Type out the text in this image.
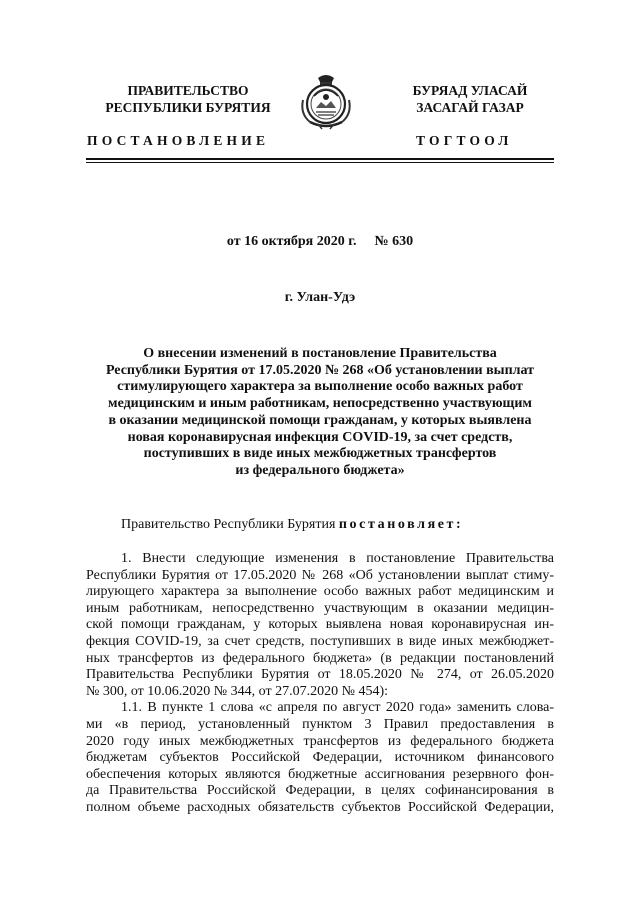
ПРАВИТЕЛЬСТВО
РЕСПУБЛИКИ БУРЯТИЯ
БУРЯАД УЛАСАЙ
ЗАСАГАЙ ГАЗАР
ПОСТАНОВЛЕНИЕ	ТОГТООЛ
от 16 октября 2020 г. № 630
г. Улан-Удэ
О внесении изменений в постановление Правительства
Республики Бурятия от 17.05.2020 № 268 «Об установлении выплат
стимулирующего характера за выполнение особо важных работ
медицинским и иным работникам, непосредственно участвующим
в оказании медицинской помощи гражданам, у которых выявлена
новая коронавирусная инфекция COVID-19, за счет средств,
поступивших в виде иных межбюджетных трансфертов
из федерального бюджета»
Правительство Республики Бурятия постановляет:

1. Внести следующие изменения в постановление Правительства
Республики Бурятия от 17.05.2020 № 268 «Об установлении выплат стиму-
лирующего характера за выполнение особо важных работ медицинским и
иным работникам, непосредственно участвующим в оказании медицин-
ской помощи гражданам, у которых выявлена новая коронавирусная ин-
фекция COVID-19, за счет средств, поступивших в виде иных межбюджет-
ных трансфертов из федерального бюджета» (в редакции постановлений
Правительства Республики Бурятия от 18.05.2020 № 274, от 26.05.2020
№ 300, от 10.06.2020 № 344, от 27.07.2020 № 454):

1.1. В пункте 1 слова «с апреля по август 2020 года» заменить слова-
ми «в период, установленный пунктом 3 Правил предоставления в
2020 году иных межбюджетных трансфертов из федерального бюджета
бюджетам субъектов Российской Федерации, источником финансового
обеспечения которых являются бюджетные ассигнования резервного фон-
да Правительства Российской Федерации, в целях софинансирования в
полном объеме расходных обязательств субъектов Российской Федерации,
